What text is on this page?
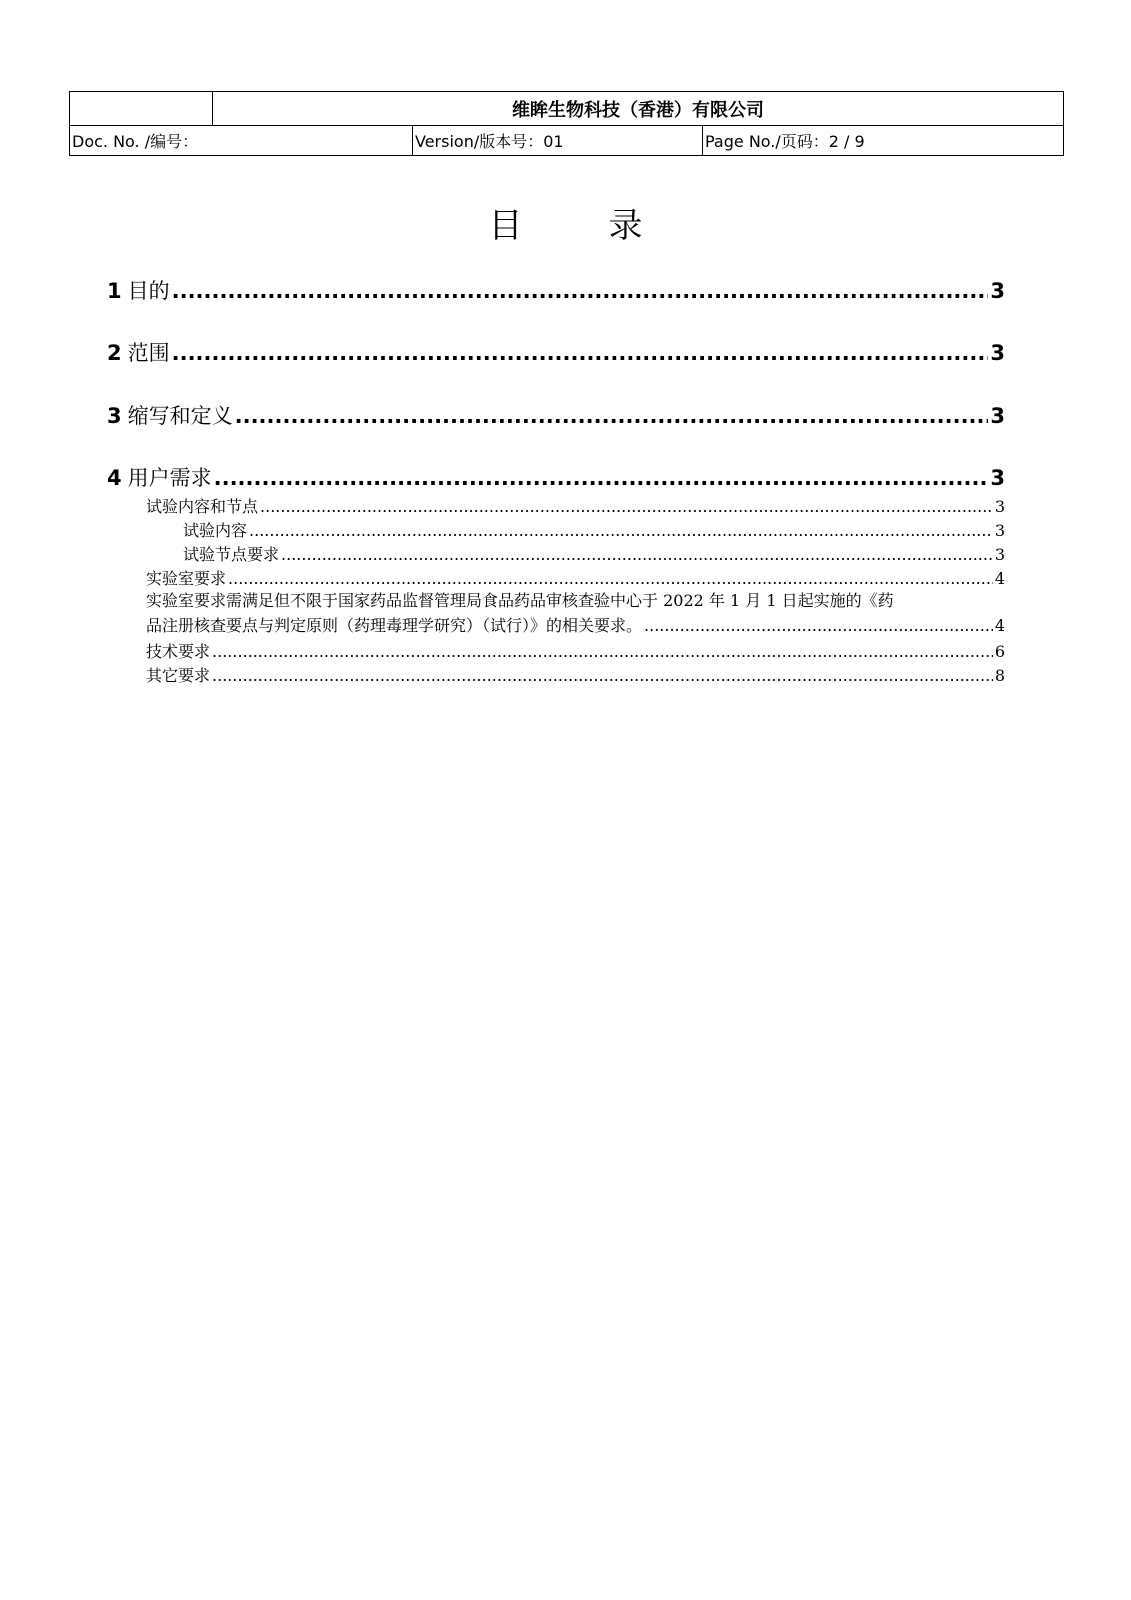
	维眸生物科技（香港）有限公司		
Doc. No. /编号：		Version/版本号：01	Page No./页码：2 / 9
目	录
1 目的 .....	3
2 范围 .....	3
3 缩写和定义 .....	3
4 用户需求 .....	3
试验内容和节点 .....	3
试验内容 .....	3
试验节点要求 .....	3
实验室要求 .....	4
实验室要求需满足但不限于国家药品监督管理局食品药品审核查验中心于 2022 年 1 月 1 日起实施的《药
品注册核查要点与判定原则（药理毒理学研究）（试行）》的相关要求。 .....	4
技术要求 .....	6
其它要求 .....	8
